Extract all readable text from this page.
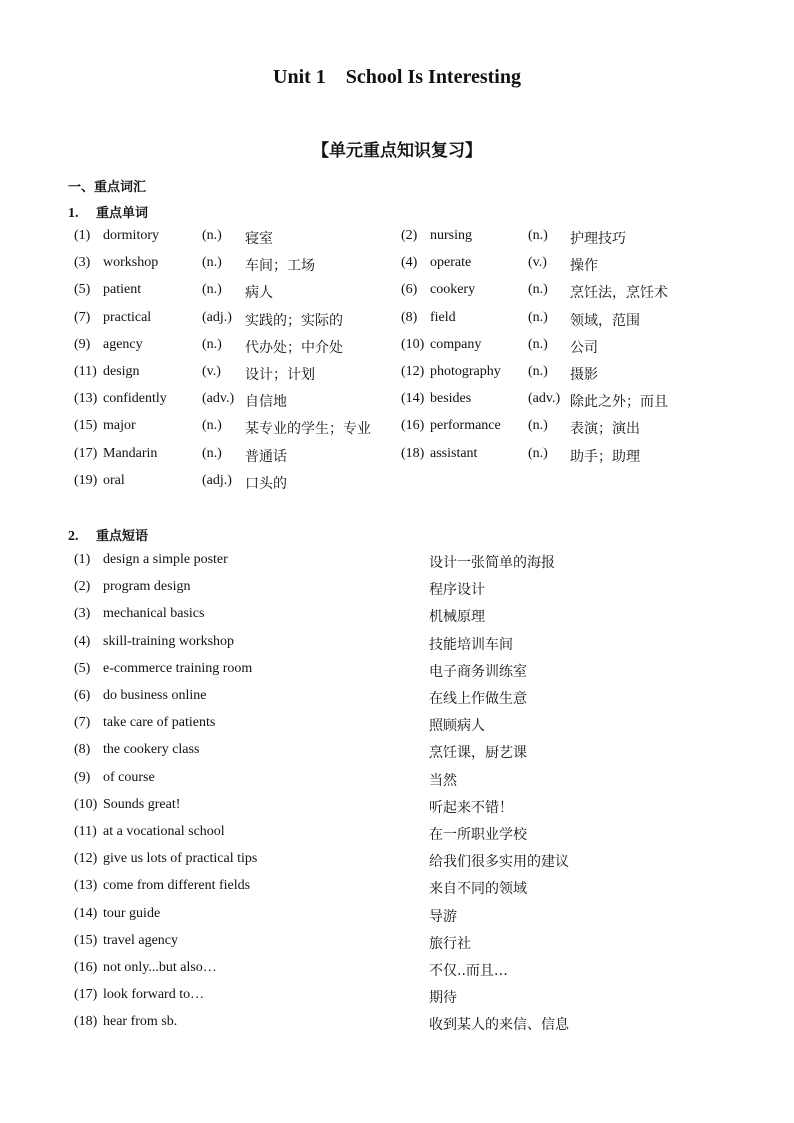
Unit 1    School Is Interesting
【单元重点知识复习】
一、重点词汇
1. 重点单词
(1) dormitory	(n.) 寝室	(2) nursing	(n.) 护理技巧
(3) workshop	(n.) 车间；工场	(4) operate	(v.) 操作
(5) patient	(n.) 病人	(6) cookery	(n.) 烹饪法，烹饪术
(7) practical	(adj.) 实践的；实际的	(8) field	(n.) 领域，范围
(9) agency	(n.) 代办处；中介处	(10) company	(n.) 公司
(11) design	(v.) 设计；计划	(12) photography (n.) 摄影
(13) confidently	(adv.) 自信地	(14) besides	(adv.) 除此之外；而且
(15) major	(n.) 某专业的学生；专业 (16) performance (n.) 表演；演出
(17) Mandarin	(n.) 普通话	(18) assistant	(n.) 助手；助理
(19) oral	(adj.) 口头的
2. 重点短语
(1) design a simple poster	设计一张简单的海报
(2) program design	程序设计
(3) mechanical basics	机械原理
(4) skill-training workshop	技能培训车间
(5) e-commerce training room	电子商务训练室
(6) do business online	在线上作做生意
(7) take care of patients	照顾病人
(8) the cookery class	烹饪课，厨艺课
(9) of course	当然
(10) Sounds great!	听起来不错！
(11) at a vocational school	在一所职业学校
(12) give us lots of practical tips	给我们很多实用的建议
(13) come from different fields	来自不同的领域
(14) tour guide	导游
(15) travel agency	旅行社
(16) not only...but also…	不仅..而且…
(17) look forward to…	期待
(18) hear from sb.	收到某人的来信、信息
